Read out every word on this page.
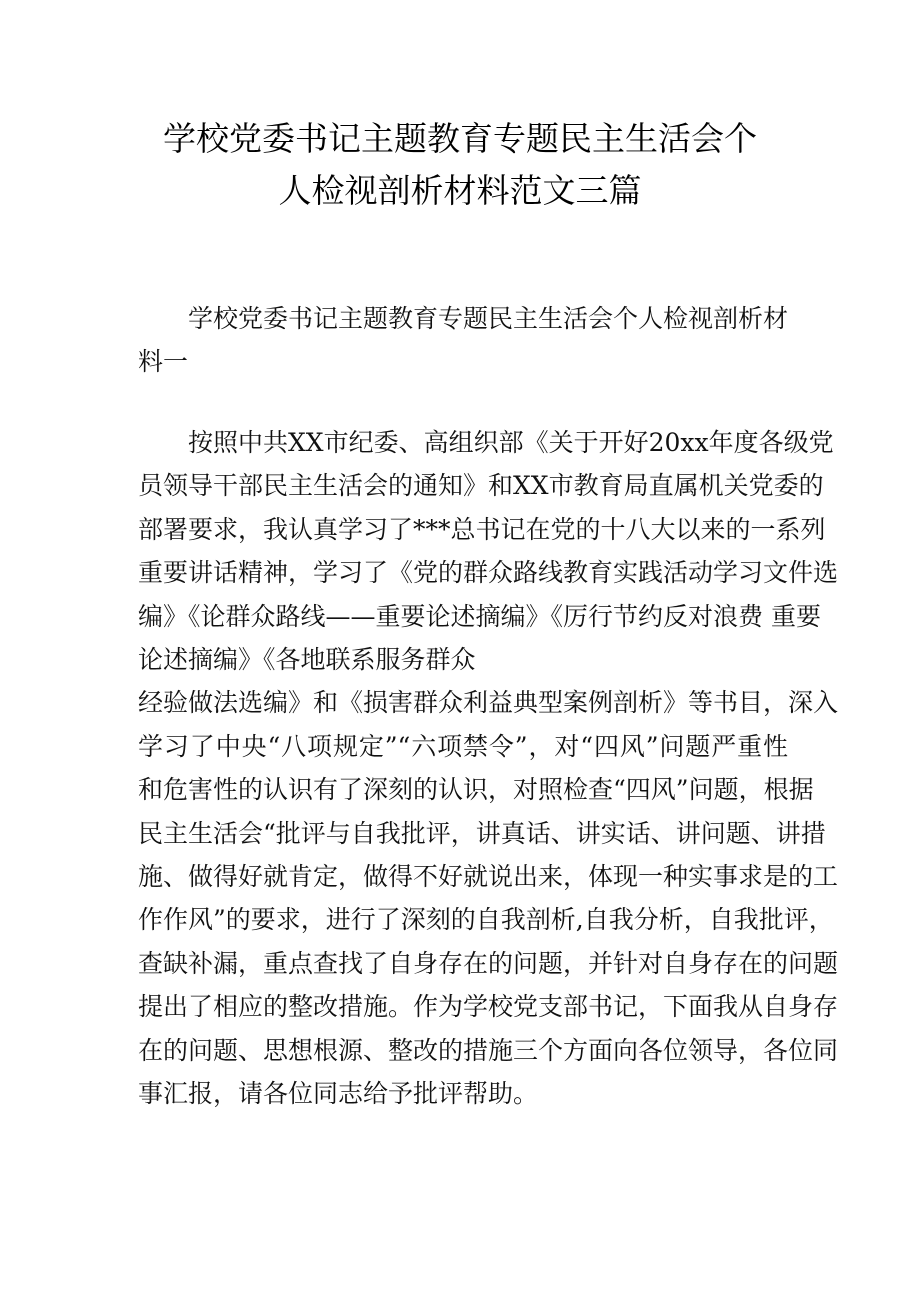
学校党委书记主题教育专题民主生活会个
人检视剖析材料范文三篇

学校党委书记主题教育专题民主生活会个人检视剖析材料一

按照中共XX市纪委、高组织部《关于开好20xx年度各级党
员领导干部民主生活会的通知》和XX市教育局直属机关党委的
部署要求，我认真学习了***总书记在党的十八大以来的一系列
重要讲话精神，学习了《党的群众路线教育实践活动学习文件选
编》《论群众路线——重要论述摘编》《厉行节约反对浪费 重要
论述摘编》《各地联系服务群众
经验做法选编》和《损害群众利益典型案例剖析》等书目，深入
学习了中央“八项规定”“六项禁令”，对“四风”问题严重性
和危害性的认识有了深刻的认识，对照检查“四风”问题，根据
民主生活会“批评与自我批评，讲真话、讲实话、讲问题、讲措
施、做得好就肯定，做得不好就说出来，体现一种实事求是的工
作作风”的要求，进行了深刻的自我剖析,自我分析，自我批评，
查缺补漏，重点查找了自身存在的问题，并针对自身存在的问题
提出了相应的整改措施。作为学校党支部书记，下面我从自身存
在的问题、思想根源、整改的措施三个方面向各位领导，各位同
事汇报，请各位同志给予批评帮助。
